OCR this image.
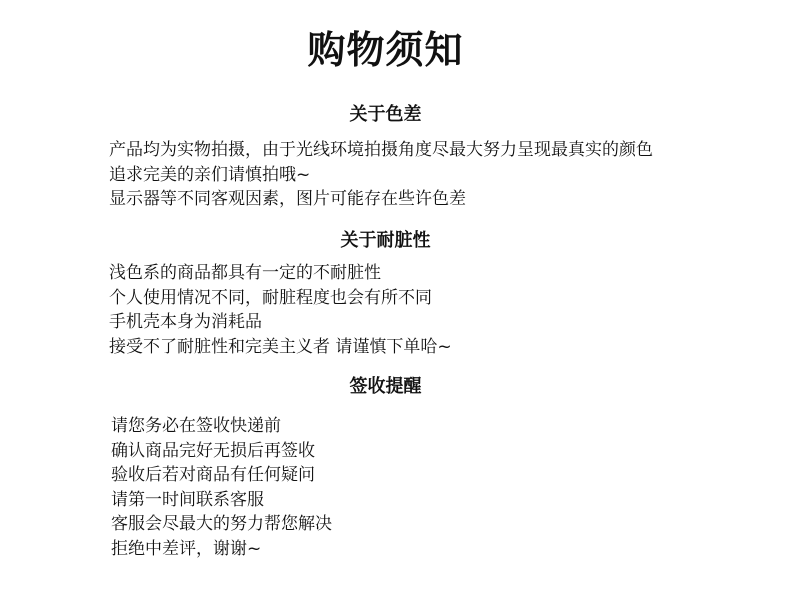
购物须知
关于色差
产品均为实物拍摄，由于光线环境拍摄角度尽最大努力呈现最真实的颜色
追求完美的亲们请慎拍哦~
显示器等不同客观因素，图片可能存在些许色差
关于耐脏性
浅色系的商品都具有一定的不耐脏性
个人使用情况不同，耐脏程度也会有所不同
手机壳本身为消耗品
接受不了耐脏性和完美主义者 请谨慎下单哈~
签收提醒
请您务必在签收快递前
确认商品完好无损后再签收
验收后若对商品有任何疑问
请第一时间联系客服
客服会尽最大的努力帮您解决
拒绝中差评，谢谢~
